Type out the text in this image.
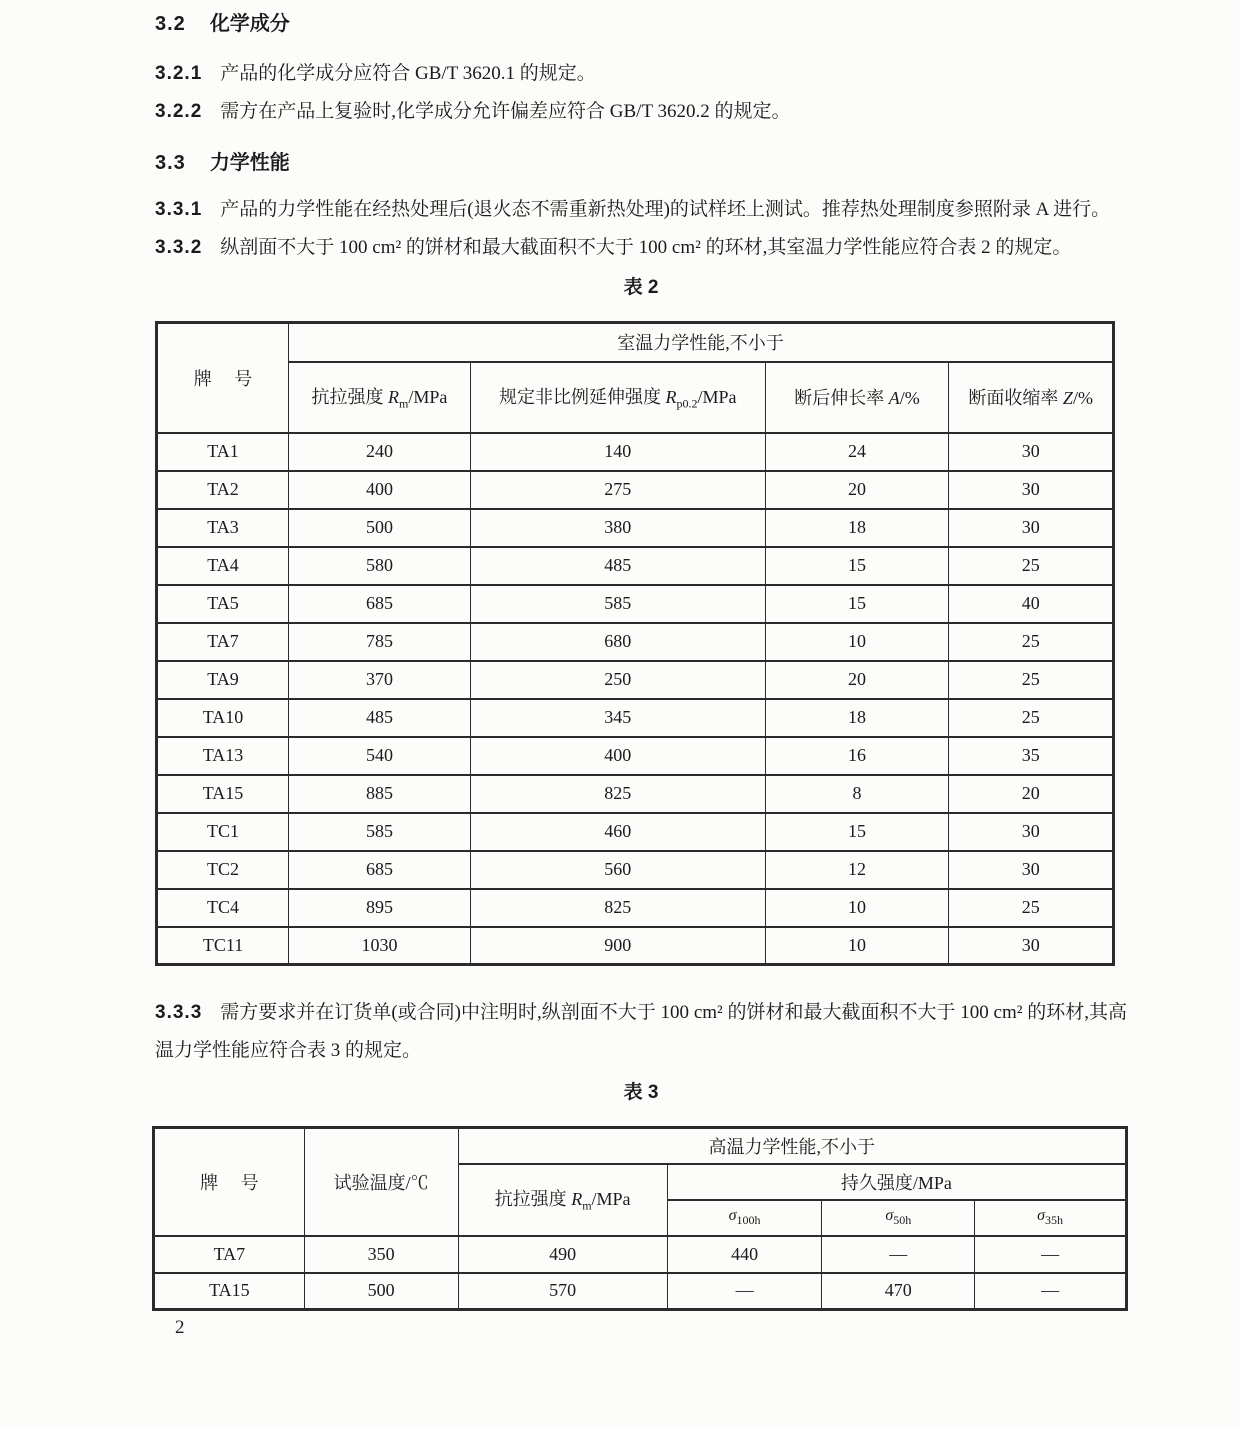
3.2 化学成分

3.2.1 产品的化学成分应符合 GB/T 3620.1 的规定。

3.2.2 需方在产品上复验时,化学成分允许偏差应符合 GB/T 3620.2 的规定。

3.3 力学性能

3.3.1 产品的力学性能在经热处理后(退火态不需重新热处理)的试样坯上测试。推荐热处理制度参照附录 A 进行。

3.3.2 纵剖面不大于 100 cm² 的饼材和最大截面积不大于 100 cm² 的环材,其室温力学性能应符合表 2 的规定。

表 2
牌 号	室温力学性能,不小于			
	抗拉强度 $R_m$/MPa	规定非比例延伸强度 $R_{p0.2}$/MPa	断后伸长率 A/%	断面收缩率 Z/%
TA1	240	140	24	30
TA2	400	275	20	30
TA3	500	380	18	30
TA4	580	485	15	25
TA5	685	585	15	40
TA7	785	680	10	25
TA9	370	250	20	25
TA10	485	345	18	25
TA13	540	400	16	35
TA15	885	825	8	20
TC1	585	460	15	30
TC2	685	560	12	30
TC4	895	825	10	25
TC11	1030	900	10	30

3.3.3 需方要求并在订货单(或合同)中注明时,纵剖面不大于 100 cm² 的饼材和最大截面积不大于 100 cm² 的环材,其高温力学性能应符合表 3 的规定。

表 3
牌 号	试验温度/℃	高温力学性能,不小于			
		抗拉强度 $R_m$/MPa	持久强度/MPa		
			$\sigma_{100h}$	$\sigma_{50h}$	$\sigma_{35h}$
TA7	350	490	440	—	—
TA15	500	570	—	470	—
2
